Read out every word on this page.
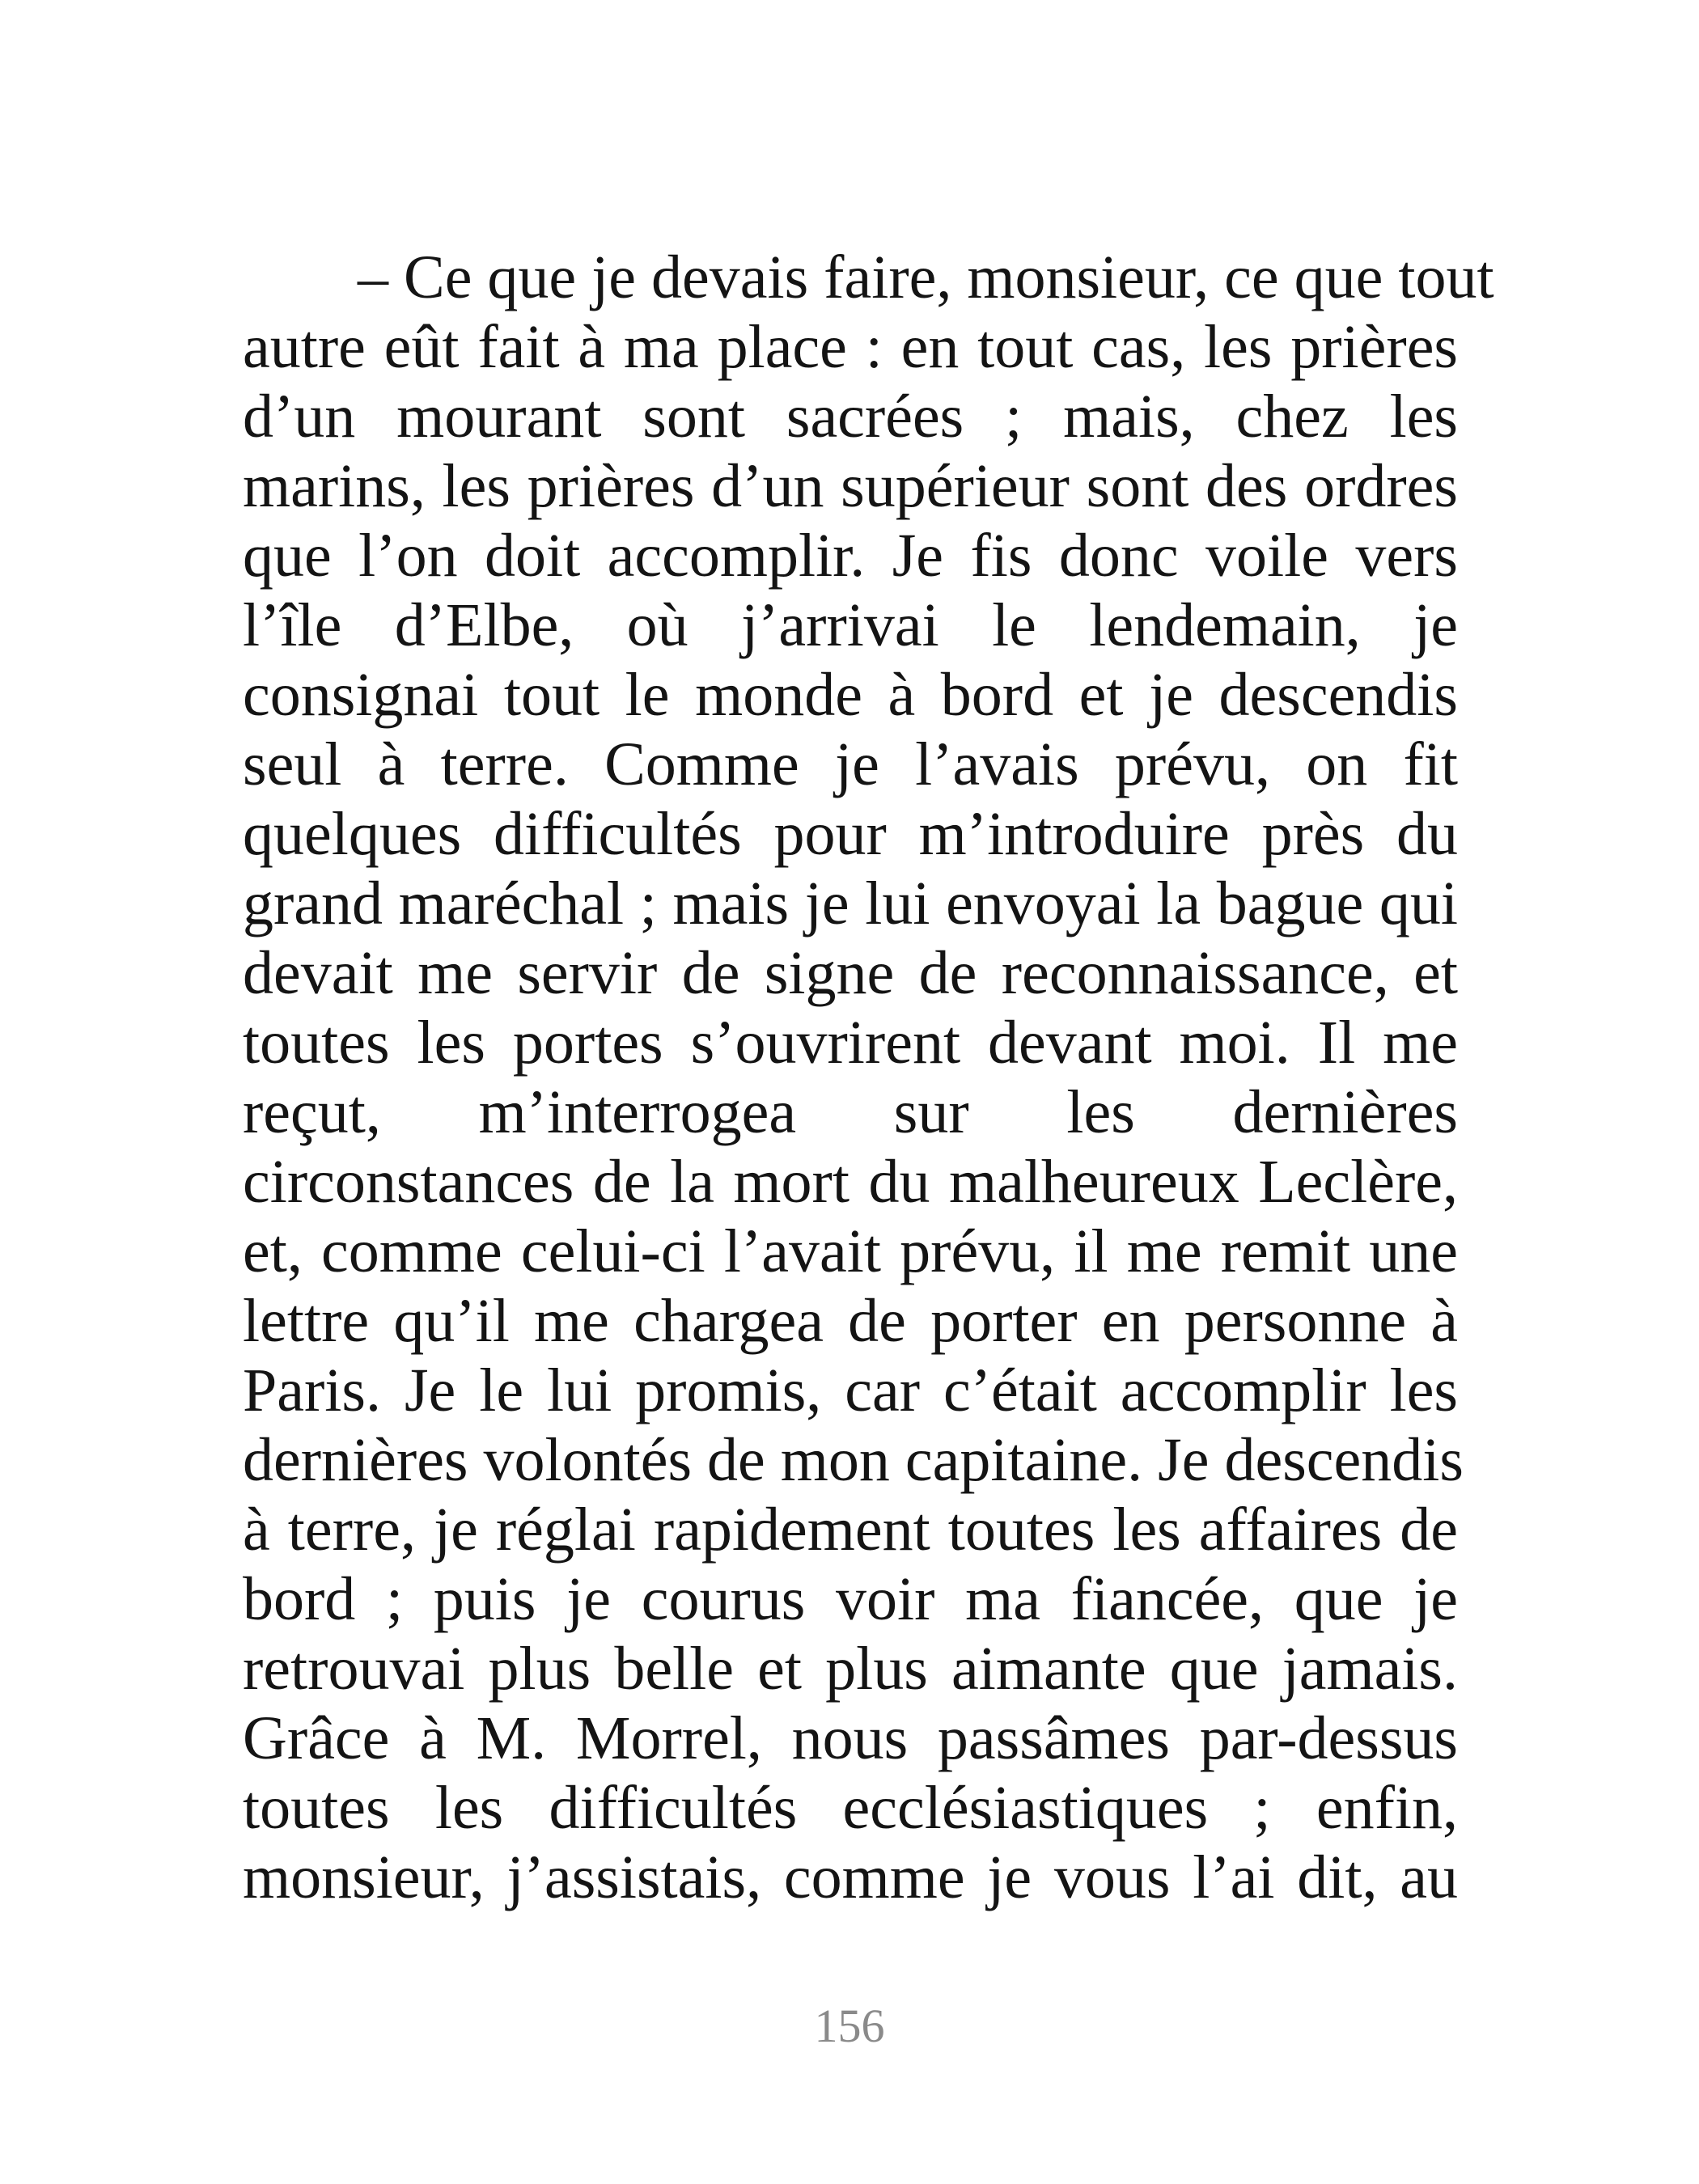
– Ce que je devais faire, monsieur, ce que tout
autre eût fait à ma place : en tout cas, les prières
d’un mourant sont sacrées ; mais, chez les
marins, les prières d’un supérieur sont des ordres
que l’on doit accomplir. Je fis donc voile vers
l’île d’Elbe, où j’arrivai le lendemain, je
consignai tout le monde à bord et je descendis
seul à terre. Comme je l’avais prévu, on fit
quelques difficultés pour m’introduire près du
grand maréchal ; mais je lui envoyai la bague qui
devait me servir de signe de reconnaissance, et
toutes les portes s’ouvrirent devant moi. Il me
reçut, m’interrogea sur les dernières
circonstances de la mort du malheureux Leclère,
et, comme celui-ci l’avait prévu, il me remit une
lettre qu’il me chargea de porter en personne à
Paris. Je le lui promis, car c’était accomplir les
dernières volontés de mon capitaine. Je descendis
à terre, je réglai rapidement toutes les affaires de
bord ; puis je courus voir ma fiancée, que je
retrouvai plus belle et plus aimante que jamais.
Grâce à M. Morrel, nous passâmes par-dessus
toutes les difficultés ecclésiastiques ; enfin,
monsieur, j’assistais, comme je vous l’ai dit, au
156
